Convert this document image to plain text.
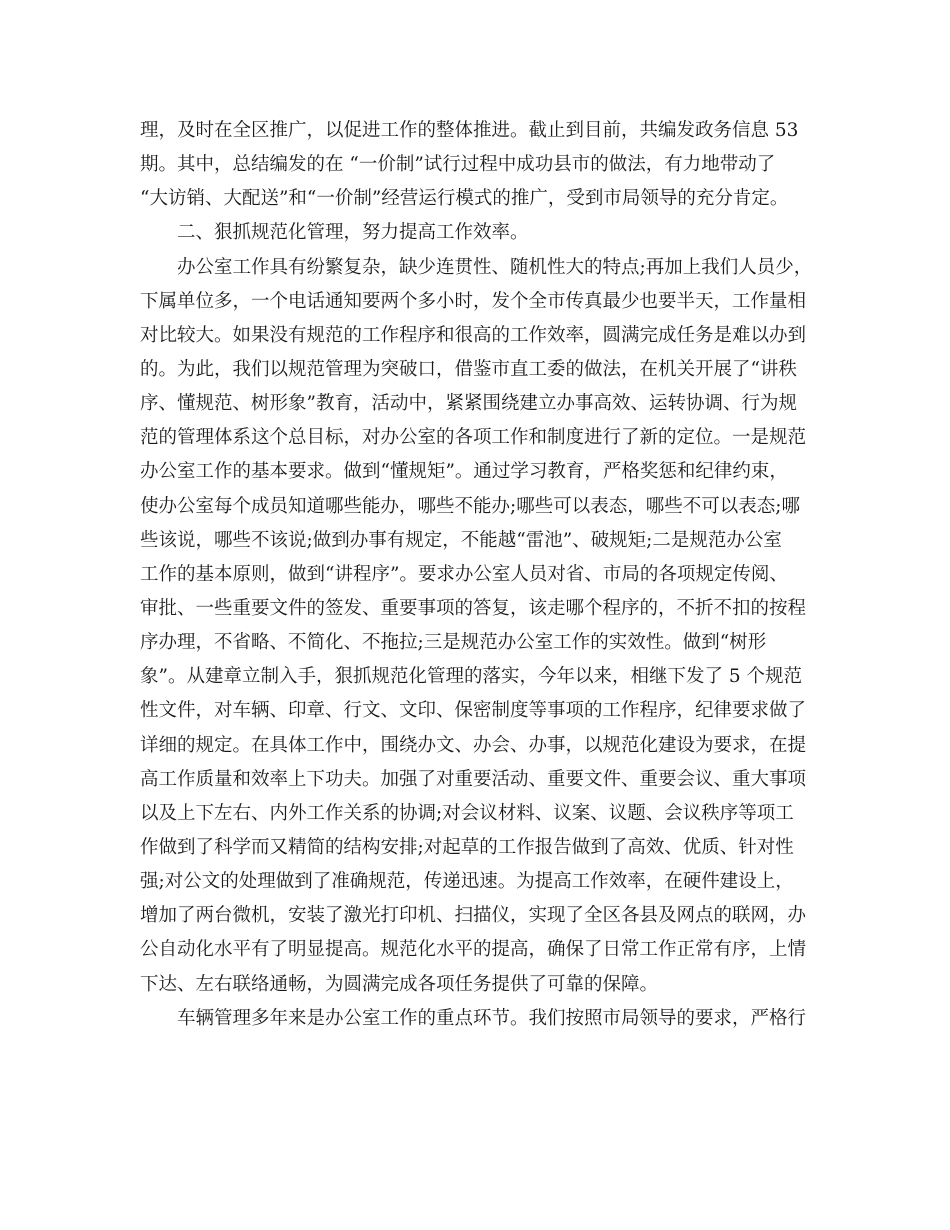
理，及时在全区推广，以促进工作的整体推进。截止到目前，共编发政务信息 53
期。其中，总结编发的在 “一价制”试行过程中成功县市的做法，有力地带动了
“大访销、大配送”和“一价制”经营运行模式的推广，受到市局领导的充分肯定。
二、狠抓规范化管理，努力提高工作效率。
办公室工作具有纷繁复杂，缺少连贯性、随机性大的特点;再加上我们人员少，
下属单位多，一个电话通知要两个多小时，发个全市传真最少也要半天，工作量相
对比较大。如果没有规范的工作程序和很高的工作效率，圆满完成任务是难以办到
的。为此，我们以规范管理为突破口，借鉴市直工委的做法，在机关开展了“讲秩
序、懂规范、树形象”教育，活动中，紧紧围绕建立办事高效、运转协调、行为规
范的管理体系这个总目标，对办公室的各项工作和制度进行了新的定位。一是规范
办公室工作的基本要求。做到“懂规矩”。通过学习教育，严格奖惩和纪律约束，
使办公室每个成员知道哪些能办，哪些不能办;哪些可以表态，哪些不可以表态;哪
些该说，哪些不该说;做到办事有规定，不能越“雷池”、破规矩;二是规范办公室
工作的基本原则，做到“讲程序”。要求办公室人员对省、市局的各项规定传阅、
审批、一些重要文件的签发、重要事项的答复，该走哪个程序的，不折不扣的按程
序办理，不省略、不简化、不拖拉;三是规范办公室工作的实效性。做到“树形
象”。从建章立制入手，狠抓规范化管理的落实，今年以来，相继下发了 5 个规范
性文件，对车辆、印章、行文、文印、保密制度等事项的工作程序，纪律要求做了
详细的规定。在具体工作中，围绕办文、办会、办事，以规范化建设为要求，在提
高工作质量和效率上下功夫。加强了对重要活动、重要文件、重要会议、重大事项
以及上下左右、内外工作关系的协调;对会议材料、议案、议题、会议秩序等项工
作做到了科学而又精简的结构安排;对起草的工作报告做到了高效、优质、针对性
强;对公文的处理做到了准确规范，传递迅速。为提高工作效率，在硬件建设上，
增加了两台微机，安装了激光打印机、扫描仪，实现了全区各县及网点的联网，办
公自动化水平有了明显提高。规范化水平的提高，确保了日常工作正常有序，上情
下达、左右联络通畅，为圆满完成各项任务提供了可靠的保障。
车辆管理多年来是办公室工作的重点环节。我们按照市局领导的要求，严格行
